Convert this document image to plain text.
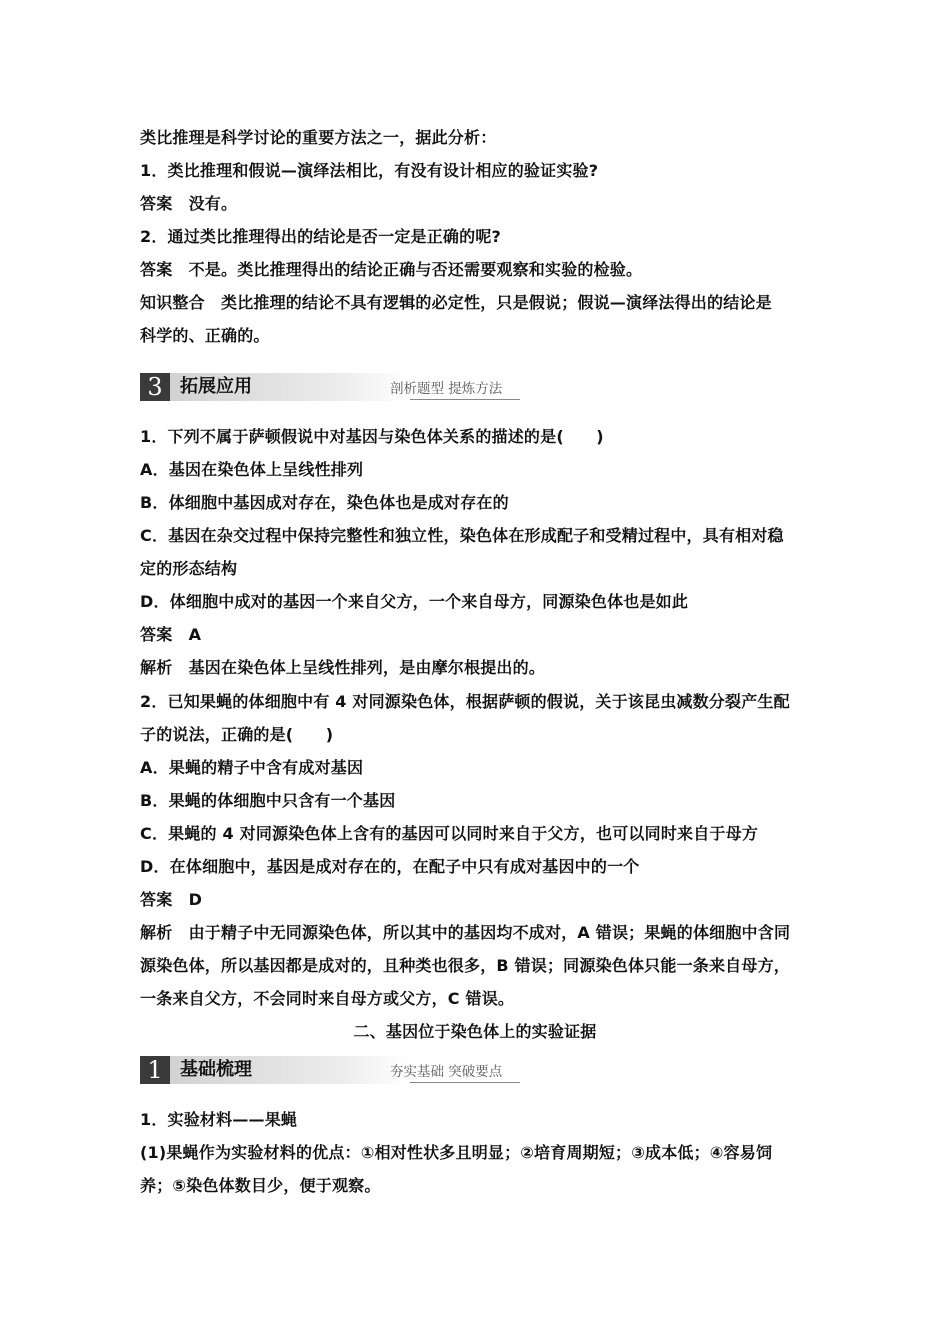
类比推理是科学讨论的重要方法之一，据此分析：
1．类比推理和假说—演绎法相比，有没有设计相应的验证实验?
答案　没有。
2．通过类比推理得出的结论是否一定是正确的呢?
答案　不是。类比推理得出的结论正确与否还需要观察和实验的检验。
知识整合　类比推理的结论不具有逻辑的必定性，只是假说；假说—演绎法得出的结论是
科学的、正确的。
3 拓展应用	剖析题型 提炼方法
1．下列不属于萨顿假说中对基因与染色体关系的描述的是(　　)
A．基因在染色体上呈线性排列
B．体细胞中基因成对存在，染色体也是成对存在的
C．基因在杂交过程中保持完整性和独立性，染色体在形成配子和受精过程中，具有相对稳
定的形态结构
D．体细胞中成对的基因一个来自父方，一个来自母方，同源染色体也是如此
答案　A
解析　基因在染色体上呈线性排列，是由摩尔根提出的。
2．已知果蝇的体细胞中有 4 对同源染色体，根据萨顿的假说，关于该昆虫减数分裂产生配
子的说法，正确的是(　　)
A．果蝇的精子中含有成对基因
B．果蝇的体细胞中只含有一个基因
C．果蝇的 4 对同源染色体上含有的基因可以同时来自于父方，也可以同时来自于母方
D．在体细胞中，基因是成对存在的，在配子中只有成对基因中的一个
答案　D
解析　由于精子中无同源染色体，所以其中的基因均不成对，A 错误；果蝇的体细胞中含同
源染色体，所以基因都是成对的，且种类也很多，B 错误；同源染色体只能一条来自母方，
一条来自父方，不会同时来自母方或父方，C 错误。
二、基因位于染色体上的实验证据
1 基础梳理	夯实基础 突破要点
1．实验材料——果蝇
(1)果蝇作为实验材料的优点：①相对性状多且明显；②培育周期短；③成本低；④容易饲
养；⑤染色体数目少，便于观察。
